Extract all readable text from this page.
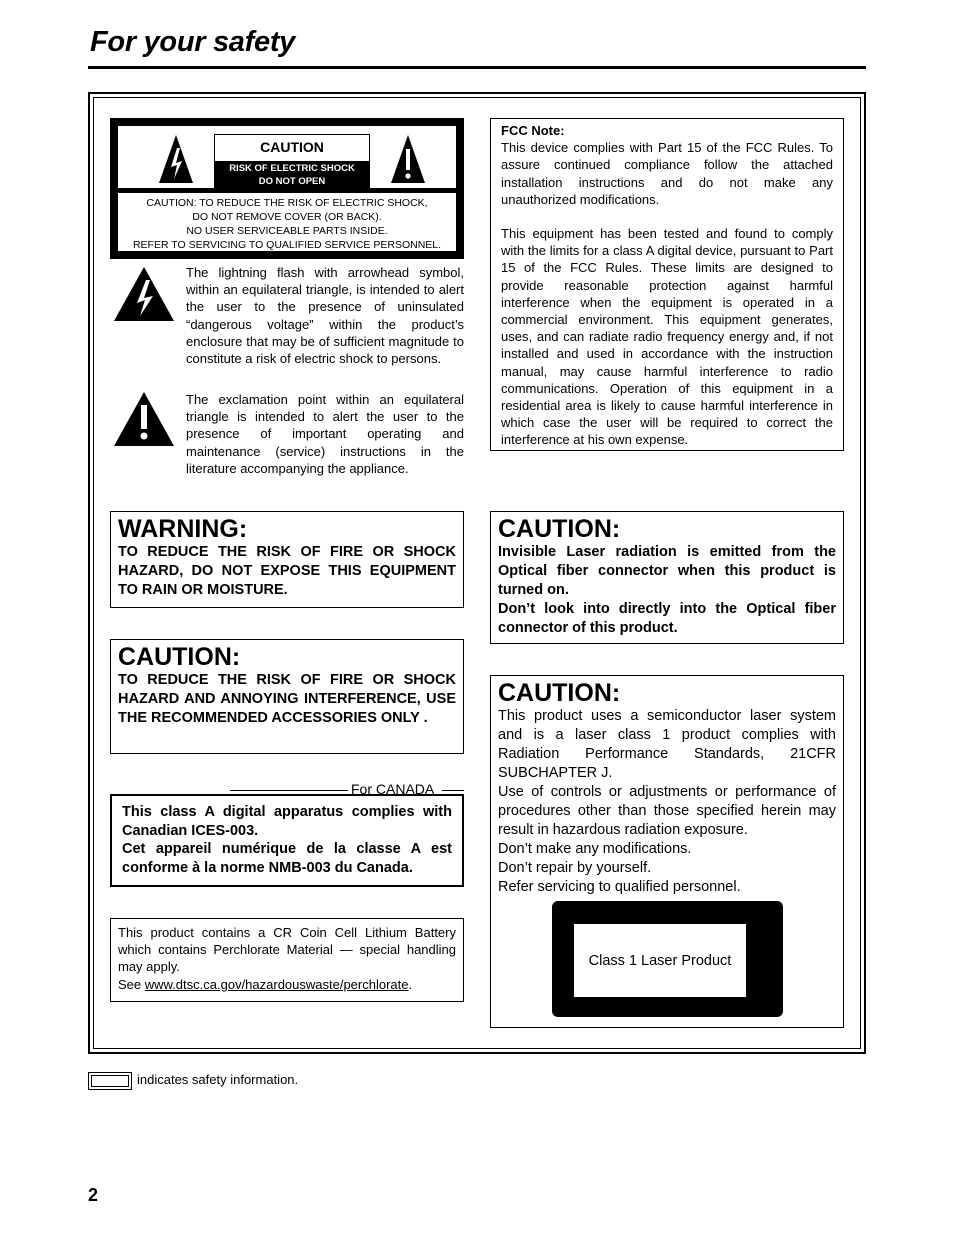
For your safety
CAUTION
RISK OF ELECTRIC SHOCK
DO NOT OPEN
CAUTION: TO REDUCE THE RISK OF ELECTRIC SHOCK,
DO NOT REMOVE COVER (OR BACK).
NO USER SERVICEABLE PARTS INSIDE.
REFER TO SERVICING TO QUALIFIED SERVICE PERSONNEL.
The lightning flash with arrowhead symbol, within an equilateral triangle, is intended to alert the user to the presence of uninsulated “dangerous voltage” within the product’s enclosure that may be of sufficient magnitude to constitute a risk of electric shock to persons.
The exclamation point within an equilateral triangle is intended to alert the user to the presence of important operating and maintenance (service) instructions in the literature accompanying the appliance.

FCC Note:

This device complies with Part 15 of the FCC Rules. To assure continued compliance follow the attached installation instructions and do not make any unauthorized modifications.

This equipment has been tested and found to comply with the limits for a class A digital device, pursuant to Part 15 of the FCC Rules. These limits are designed to provide reasonable protection against harmful interference when the equipment is operated in a commercial environment. This equipment generates, uses, and can radiate radio frequency energy and, if not installed and used in accordance with the instruction manual, may cause harmful interference to radio communications. Operation of this equipment in a residential area is likely to cause harmful interference in which case the user will be required to correct the interference at his own expense.

WARNING:

TO REDUCE THE RISK OF FIRE OR SHOCK HAZARD, DO NOT EXPOSE THIS EQUIPMENT TO RAIN OR MOISTURE.

CAUTION:

TO REDUCE THE RISK OF FIRE OR SHOCK HAZARD AND ANNOYING INTERFERENCE, USE THE RECOMMENDED ACCESSORIES ONLY .

CAUTION:

Invisible Laser radiation is emitted from the Optical fiber connector when this product is turned on.
Don’t look into directly into the Optical fiber connector of this product.

CAUTION:

This product uses a semiconductor laser system and is a laser class 1 product complies with Radiation Performance Standards, 21CFR SUBCHAPTER J.

Use of controls or adjustments or performance of procedures other than those specified herein may result in hazardous radiation exposure.

Don’t make any modifications.

Don’t repair by yourself.

Refer servicing to qualified personnel.

Class 1 Laser Product
For CANADA
This class A digital apparatus complies with Canadian ICES-003.
Cet appareil numérique de la classe A est conforme à la norme NMB-003 du Canada.

This product contains a CR Coin Cell Lithium Battery which contains Perchlorate Material — special handling may apply.

See www.dtsc.ca.gov/hazardouswaste/perchlorate.

indicates safety information.
2
